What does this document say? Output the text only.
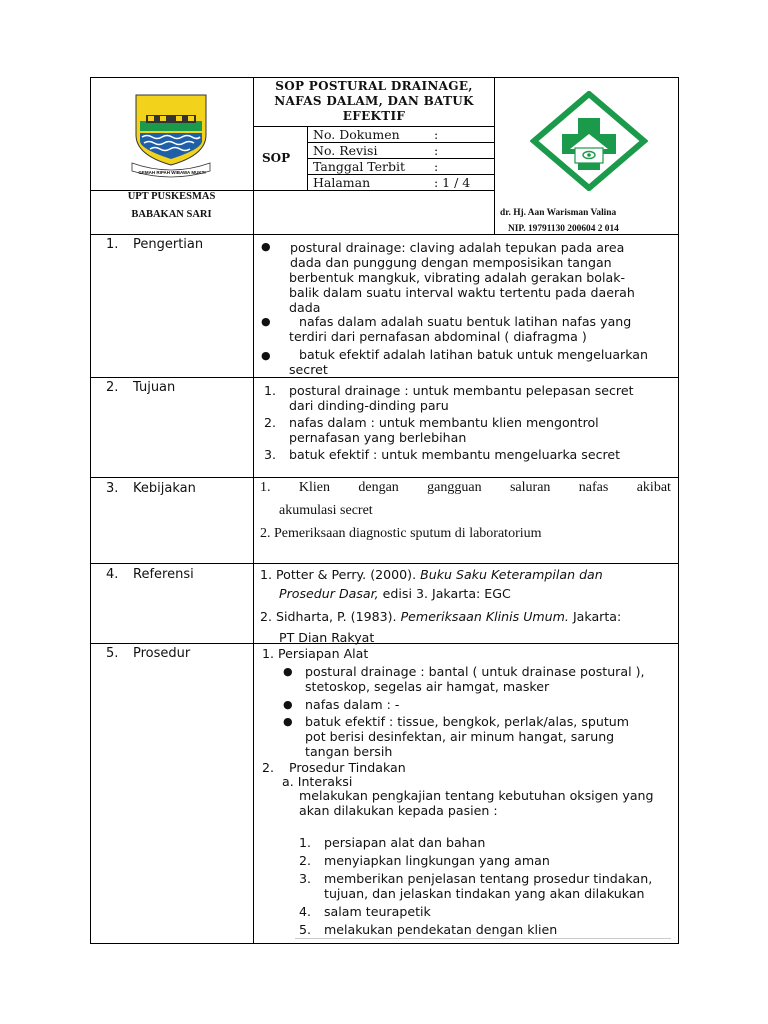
GEMAH RIPAH WIBAWA MUKTI
SOP POSTURAL DRAINAGE,
NAFAS DALAM, DAN BATUK
EFEKTIF
SOP
No. Dokumen	:
No. Revisi	:
Tanggal Terbit :
Halaman	: 1 / 4
UPT PUSKESMAS
BABAKAN SARI	dr. Hj. Aan Warisman Valina
NIP. 19791130 200604 2 014
1. Pengertian	● postural drainage: claving adalah tepukan pada area
dada dan punggung dengan memposisikan tangan
berbentuk mangkuk, vibrating adalah gerakan bolak-
balik dalam suatu interval waktu tertentu pada daerah
dada
●	nafas dalam adalah suatu bentuk latihan nafas yang
terdiri dari pernafasan abdominal ( diafragma )
●	batuk efektif adalah latihan batuk untuk mengeluarkan
secret
2. Tujuan	1. postural drainage : untuk membantu pelepasan secret
dari dinding-dinding paru
2. nafas dalam : untuk membantu klien mengontrol
pernafasan yang berlebihan
3. batuk efektif : untuk membantu mengeluarka secret
3. Kebijakan	1. Klien dengan gangguan saluran nafas akibat
akumulasi secret
2. Pemeriksaan diagnostic sputum di laboratorium
4. Referensi	1. Potter & Perry. (2000). Buku Saku Keterampilan dan
Prosedur Dasar, edisi 3. Jakarta: EGC
2. Sidharta, P. (1983). Pemeriksaan Klinis Umum. Jakarta:
PT Dian Rakyat
5. Prosedur	1. Persiapan Alat
● postural drainage : bantal ( untuk drainase postural ),
stetoskop, segelas air hamgat, masker
● nafas dalam : -
● batuk efektif : tissue, bengkok, perlak/alas, sputum
pot berisi desinfektan, air minum hangat, sarung
tangan bersih
2. Prosedur Tindakan
a. Interaksi
melakukan pengkajian tentang kebutuhan oksigen yang
akan dilakukan kepada pasien :
1. persiapan alat dan bahan
2. menyiapkan lingkungan yang aman
3. memberikan penjelasan tentang prosedur tindakan,
tujuan, dan jelaskan tindakan yang akan dilakukan
4. salam teurapetik
5. melakukan pendekatan dengan klien
